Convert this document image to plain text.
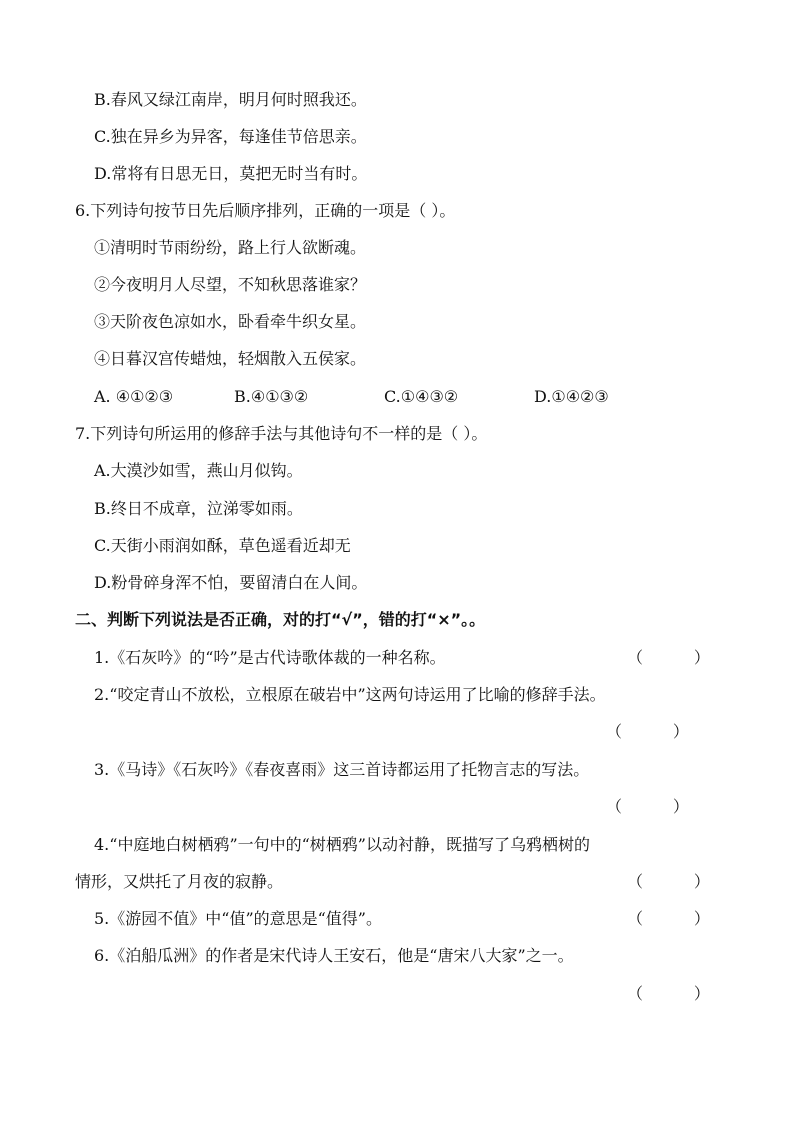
B.春风又绿江南岸，明月何时照我还。
C.独在异乡为异客，每逢佳节倍思亲。
D.常将有日思无日，莫把无时当有时。
6.下列诗句按节日先后顺序排列，正确的一项是（ ）。
①清明时节雨纷纷，路上行人欲断魂。
②今夜明月人尽望，不知秋思落谁家？
③天阶夜色凉如水，卧看牵牛织女星。
④日暮汉宫传蜡烛，轻烟散入五侯家。
A. ④①②③	B.④①③②	C.①④③②	D.①④②③
7.下列诗句所运用的修辞手法与其他诗句不一样的是（ ）。
A.大漠沙如雪，燕山月似钩。
B.终日不成章，泣涕零如雨。
C.天街小雨润如酥，草色遥看近却无
D.粉骨碎身浑不怕，要留清白在人间。
二、判断下列说法是否正确，对的打“√”，错的打“×”。。
1.《石灰吟》的“吟”是古代诗歌体裁的一种名称。	（          ）
2.“咬定青山不放松，立根原在破岩中”这两句诗运用了比喻的修辞手法。
（          ）
3.《马诗》《石灰吟》《春夜喜雨》这三首诗都运用了托物言志的写法。
（          ）
4.“中庭地白树栖鸦”一句中的“树栖鸦”以动衬静，既描写了乌鸦栖树的
情形，又烘托了月夜的寂静。	（          ）
5.《游园不值》中“值”的意思是“值得”。	（          ）
6.《泊船瓜洲》的作者是宋代诗人王安石，他是“唐宋八大家”之一。
（          ）
